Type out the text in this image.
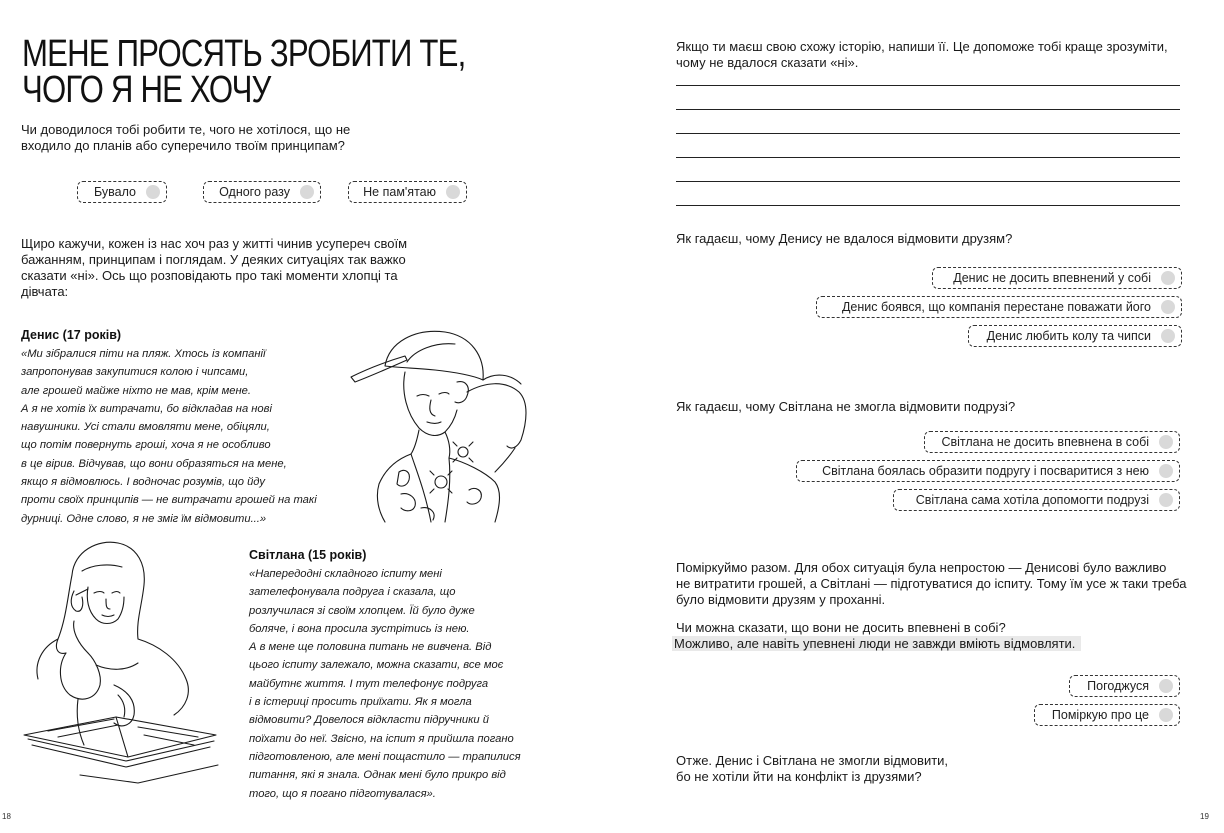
МЕНЕ ПРОСЯТЬ ЗРОБИТИ ТЕ,
ЧОГО Я НЕ ХОЧУ
Чи доводилося тобі робити те, чого не хотілося, що не
входило до планів або суперечило твоїм принципам?
Бувало	Одного разу	Не пам'ятаю
Щиро кажучи, кожен із нас хоч раз у житті чинив усупереч своїм
бажанням, принципам і поглядам. У деяких ситуаціях так важко
сказати «ні». Ось що розповідають про такі моменти хлопці та
дівчата:
Денис (17 років)
«Ми зібралися піти на пляж. Хтось із компанії
запропонував закупитися колою і чипсами,
але грошей майже ніхто не мав, крім мене.
А я не хотів їх витрачати, бо відкладав на нові
навушники. Усі стали вмовляти мене, обіцяли,
що потім повернуть гроші, хоча я не особливо
в це вірив. Відчував, що вони образяться на мене,
якщо я відмовлюсь. І водночас розумів, що йду
проти своїх принципів — не витрачати грошей на такі
дурниці. Одне слово, я не зміг їм відмовити...»
Світлана (15 років)
«Напередодні складного іспиту мені
зателефонувала подруга і сказала, що
розлучилася зі своїм хлопцем. Їй було дуже
боляче, і вона просила зустрітись із нею.
А в мене ще половина питань не вивчена. Від
цього іспиту залежало, можна сказати, все моє
майбутнє життя. І тут телефонує подруга
і в істериці просить приїхати. Як я могла
відмовити? Довелося відкласти підручники й
поїхати до неї. Звісно, на іспит я прийшла погано
підготовленою, але мені пощастило — трапилися
питання, які я знала. Однак мені було прикро від
того, що я погано підготувалася».
18
Якщо ти маєш свою схожу історію, напиши її. Це допоможе тобі краще зрозуміти,
чому не вдалося сказати «ні».
Як гадаєш, чому Денису не вдалося відмовити друзям?
Денис не досить впевнений у собі
Денис боявся, що компанія перестане поважати його
Денис любить колу та чипси
Як гадаєш, чому Світлана не змогла відмовити подрузі?
Світлана не досить впевнена в собі
Світлана боялась образити подругу і посваритися з нею
Світлана сама хотіла допомогти подрузі
Поміркуймо разом. Для обох ситуація була непростою — Денисові було важливо
не витратити грошей, а Світлані — підготуватися до іспиту. Тому їм усе ж таки треба
було відмовити друзям у проханні.
Чи можна сказати, що вони не досить впевнені в собі?
Можливо, але навіть упевнені люди не завжди вміють відмовляти.
Погоджуся
Поміркую про це
Отже. Денис і Світлана не змогли відмовити,
бо не хотіли йти на конфлікт із друзями?
19
